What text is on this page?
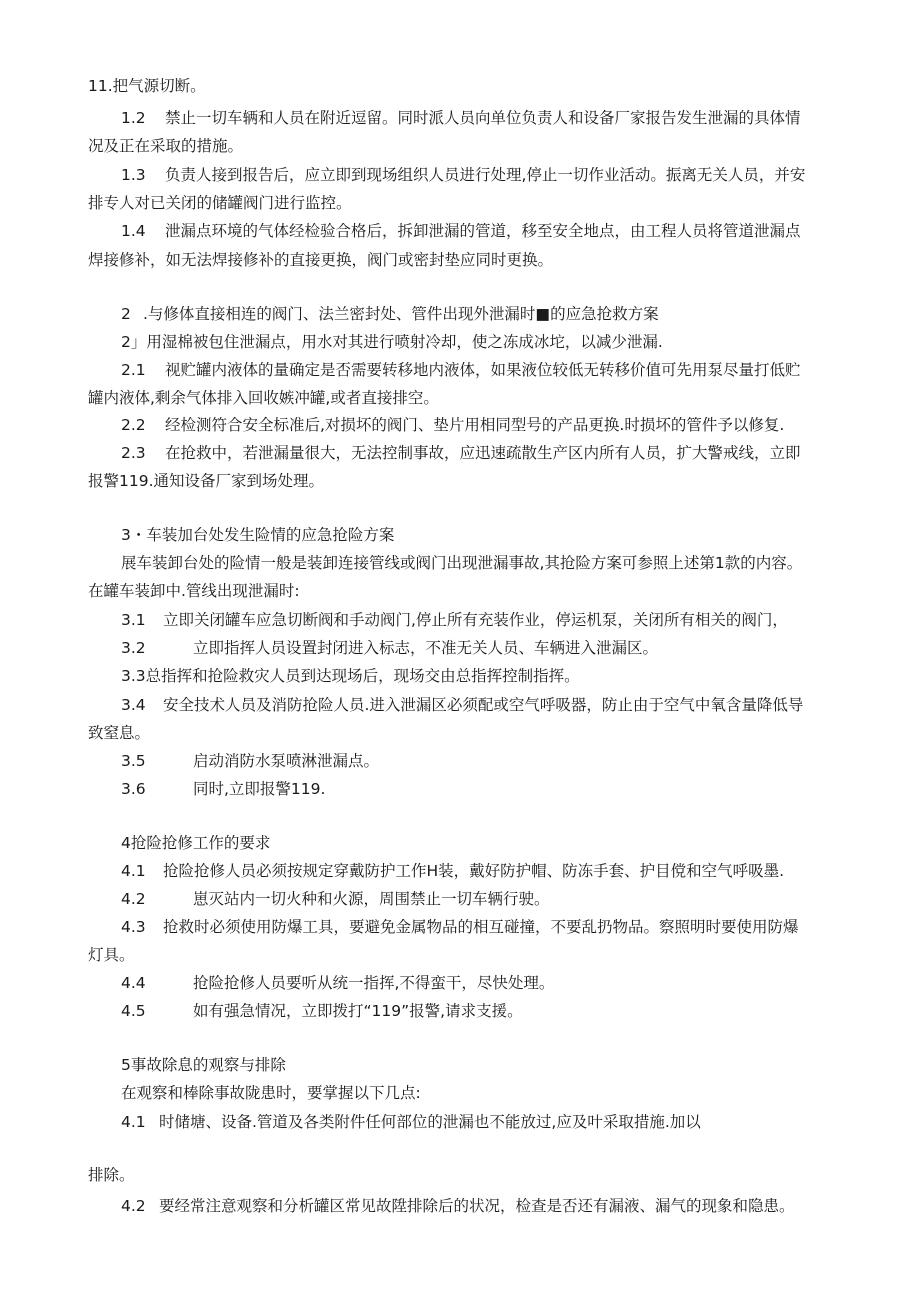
11.把气源切断。
1.2 禁止一切车辆和人员在附近逗留。同时派人员向单位负责人和设备厂家报告发生泄漏的具体情
况及正在采取的措施。
1.3 负责人接到报告后，应立即到现场组织人员进行处理,停止一切作业活动。振离无关人员，并安
排专人对已关闭的储罐阀门进行监控。
1.4 泄漏点环境的气体经检验合格后，拆卸泄漏的管道，移至安全地点，由工程人员将管道泄漏点
焊接修补，如无法焊接修补的直接更换，阀门或密封垫应同时更换。
2 .与修体直接相连的阀门、法兰密封处、管件出现外泄漏时■的应急抢救方案
2」用湿棉被包住泄漏点，用水对其进行喷射冷却，使之冻成冰坨，以减少泄漏.
2.1 视贮罐内液体的量确定是否需要转移地内液体，如果液位较低无转移价值可先用泵尽量打低贮
罐内液体,剩余气体排入回收嫉冲罐,或者直接排空。
2.2 经检测符合安全标准后,对损坏的阀门、垫片用相同型号的产品更换.时损坏的管件予以修复.
2.3 在抢救中，若泄漏量很大，无法控制事故，应迅速疏散生产区内所有人员，扩大警戒线，立即
报警119.通知设备厂家到场处理。
3・车装加台处发生险情的应急抢险方案
展车装卸台处的险情一般是装卸连接管线或阀门出现泄漏事故,其抢险方案可参照上述第1款的内容。
在罐车装卸中.管线出现泄漏时:
3.1 立即关闭罐车应急切断阀和手动阀门,停止所有充装作业，停运机泵，关闭所有相关的阀门，
3.2	立即指挥人员设置封闭进入标志，不准无关人员、车辆进入泄漏区。
3.3总指挥和抢险救灾人员到达现场后，现场交由总指挥控制指挥。
3.4 安全技术人员及消防抢险人员.进入泄漏区必须配或空气呼吸器，防止由于空气中氧含量降低导
致窒息。
3.5	启动消防水泵喷淋泄漏点。
3.6	同时,立即报警119.
4抢险抢修工作的要求
4.1 抢险抢修人员必须按规定穿戴防护工作H装，戴好防护帽、防冻手套、护目傥和空气呼吸墨.
4.2	崽灭站内一切火种和火源，周围禁止一切车辆行驶。
4.3 抢救时必须使用防爆工具，要避免金属物品的相互碰撞，不要乱扔物品。察照明时要使用防爆
灯具。
4.4	抢险抢修人员要听从统一指挥,不得蛮干，尽快处理。
4.5	如有强急情况，立即拨打“119”报警,请求支援。
5事故除息的观察与排除
在观察和棒除事故陇患时，要掌握以下几点:
4.1 时储塘、设备.管道及各类附件任何部位的泄漏也不能放过,应及叶采取措施.加以
排除。
4.2 要经常注意观察和分析罐区常见故陞排除后的状况，检查是否还有漏液、漏气的现象和隐患。
